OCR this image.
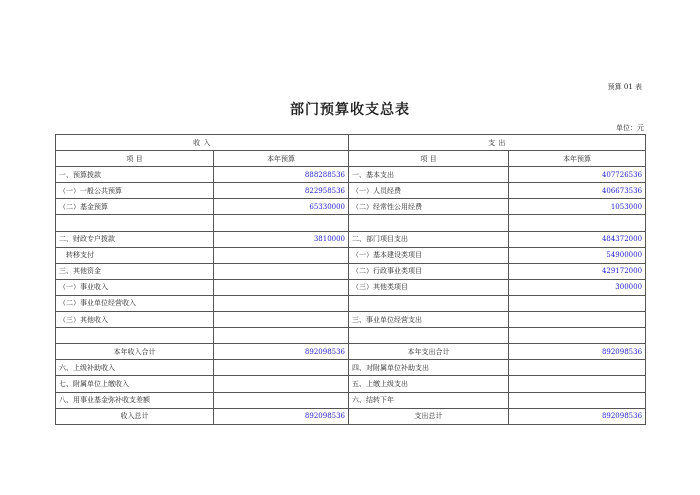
预算 01 表
部门预算收支总表
单位：元
收 入		支 出	
项 目	本年预算	项 目	本年预算
一、预算拨款	888288536	一、基本支出	407726536
（一）一般公共预算	822958536	（一）人员经费	406673536
（二）基金预算	65330000	（二）经常性公用经费	1053000

二、财政专户拨款	3810000	二、部门项目支出	484372000
转移支付		（一）基本建设类项目	54900000
三、其他资金		（二）行政事业类项目	429172000
（一）事业收入		（三）其他类项目	300000
（二）事业单位经营收入			
（三）其他收入		三、事业单位经营支出	

本年收入合计	892098536	本年支出合计	892098536
六、上级补助收入		四、对附属单位补助支出	
七、附属单位上缴收入		五、上缴上级支出	
八、用事业基金弥补收支差额		六、结转下年	
收入总计	892098536	支出总计	892098536
